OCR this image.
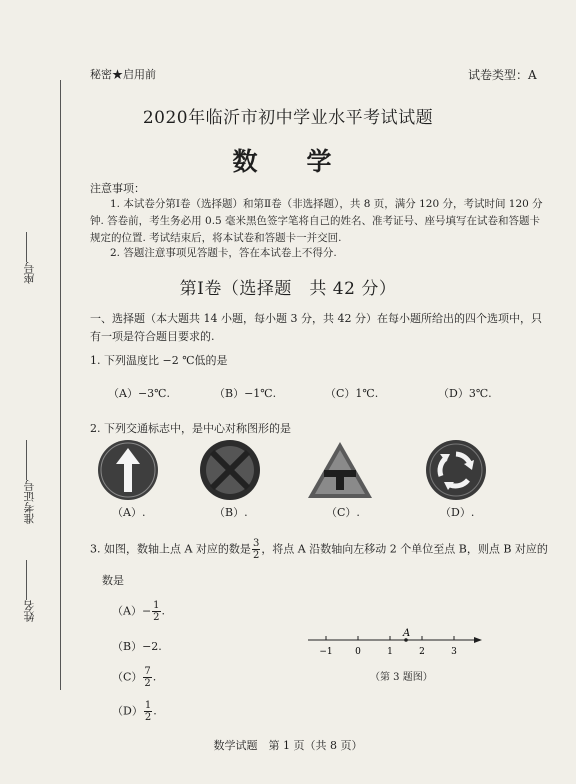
座号
准考证号
姓名
秘密★启用前	试卷类型：A
2020年临沂市初中学业水平考试试题
数　学
注意事项：
1. 本试卷分第Ⅰ卷（选择题）和第Ⅱ卷（非选择题），共 8 页，满分 120 分，考试时间 120 分钟. 答卷前，考生务必用 0.5 毫米黑色签字笔将自己的姓名、准考证号、座号填写在试卷和答题卡规定的位置. 考试结束后，将本试卷和答题卡一并交回.
2. 答题注意事项见答题卡，答在本试卷上不得分.
第Ⅰ卷（选择题　共 42 分）
一、选择题（本大题共 14 小题，每小题 3 分，共 42 分）在每小题所给出的四个选项中，只有一项是符合题目要求的.
1. 下列温度比 −2 ℃低的是
（A）−3℃.	（B）−1℃.	（C）1℃.	（D）3℃.
2. 下列交通标志中，是中心对称图形的是
（A）.	（B）.	（C）.	（D）.
3. 如图，数轴上点 A 对应的数是 $\frac{3}{2}$ ，将点 A 沿数轴向左移动 2 个单位至点 B，则点 B 对应的
数是
$(A)- \frac{1}{2}$ .
（B）−2.
$(C) \frac{7}{2}$ .
$(D) \frac{1}{2}$ .
−1 0	1	2	3
A
（第 3 题图）
数学试题　第 1 页（共 8 页）
